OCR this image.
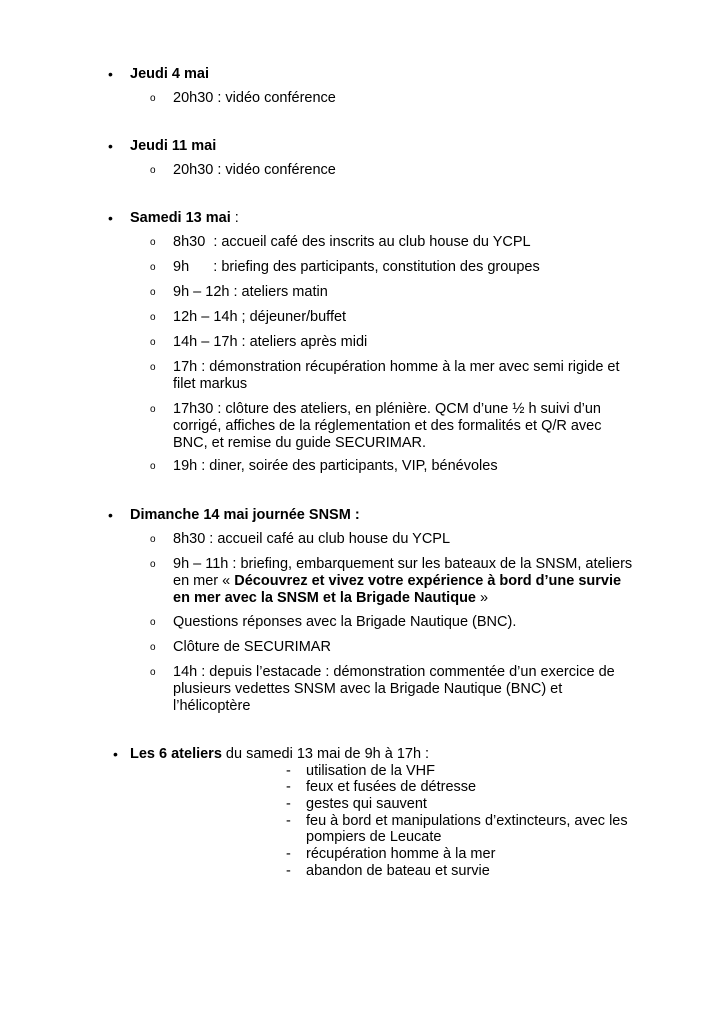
• Jeudi 4 mai
o 20h30 : vidéo conférence
• Jeudi 11 mai
o 20h30 : vidéo conférence
• Samedi 13 mai :
o 8h30  : accueil café des inscrits au club house du YCPL
o 9h      : briefing des participants, constitution des groupes
o 9h – 12h : ateliers matin
o 12h – 14h ; déjeuner/buffet
o 14h – 17h : ateliers après midi
o 17h : démonstration récupération homme à la mer avec semi rigide et
filet markus
o 17h30 : clôture des ateliers, en plénière. QCM d’une ½ h suivi d’un
corrigé, affiches de la réglementation et des formalités et Q/R avec
BNC, et remise du guide SECURIMAR.
o 19h : diner, soirée des participants, VIP, bénévoles
• Dimanche 14 mai journée SNSM :
o 8h30 : accueil café au club house du YCPL
o 9h – 11h : briefing, embarquement sur les bateaux de la SNSM, ateliers
en mer « Découvrez et vivez votre expérience à bord d’une survie
en mer avec la SNSM et la Brigade Nautique »
o Questions réponses avec la Brigade Nautique (BNC).
o Clôture de SECURIMAR
o 14h : depuis l’estacade : démonstration commentée d’un exercice de
plusieurs vedettes SNSM avec la Brigade Nautique (BNC) et
l’hélicoptère
• Les 6 ateliers du samedi 13 mai de 9h à 17h :
- utilisation de la VHF
- feux et fusées de détresse
- gestes qui sauvent
- feu à bord et manipulations d’extincteurs, avec les
pompiers de Leucate
- récupération homme à la mer
- abandon de bateau et survie
